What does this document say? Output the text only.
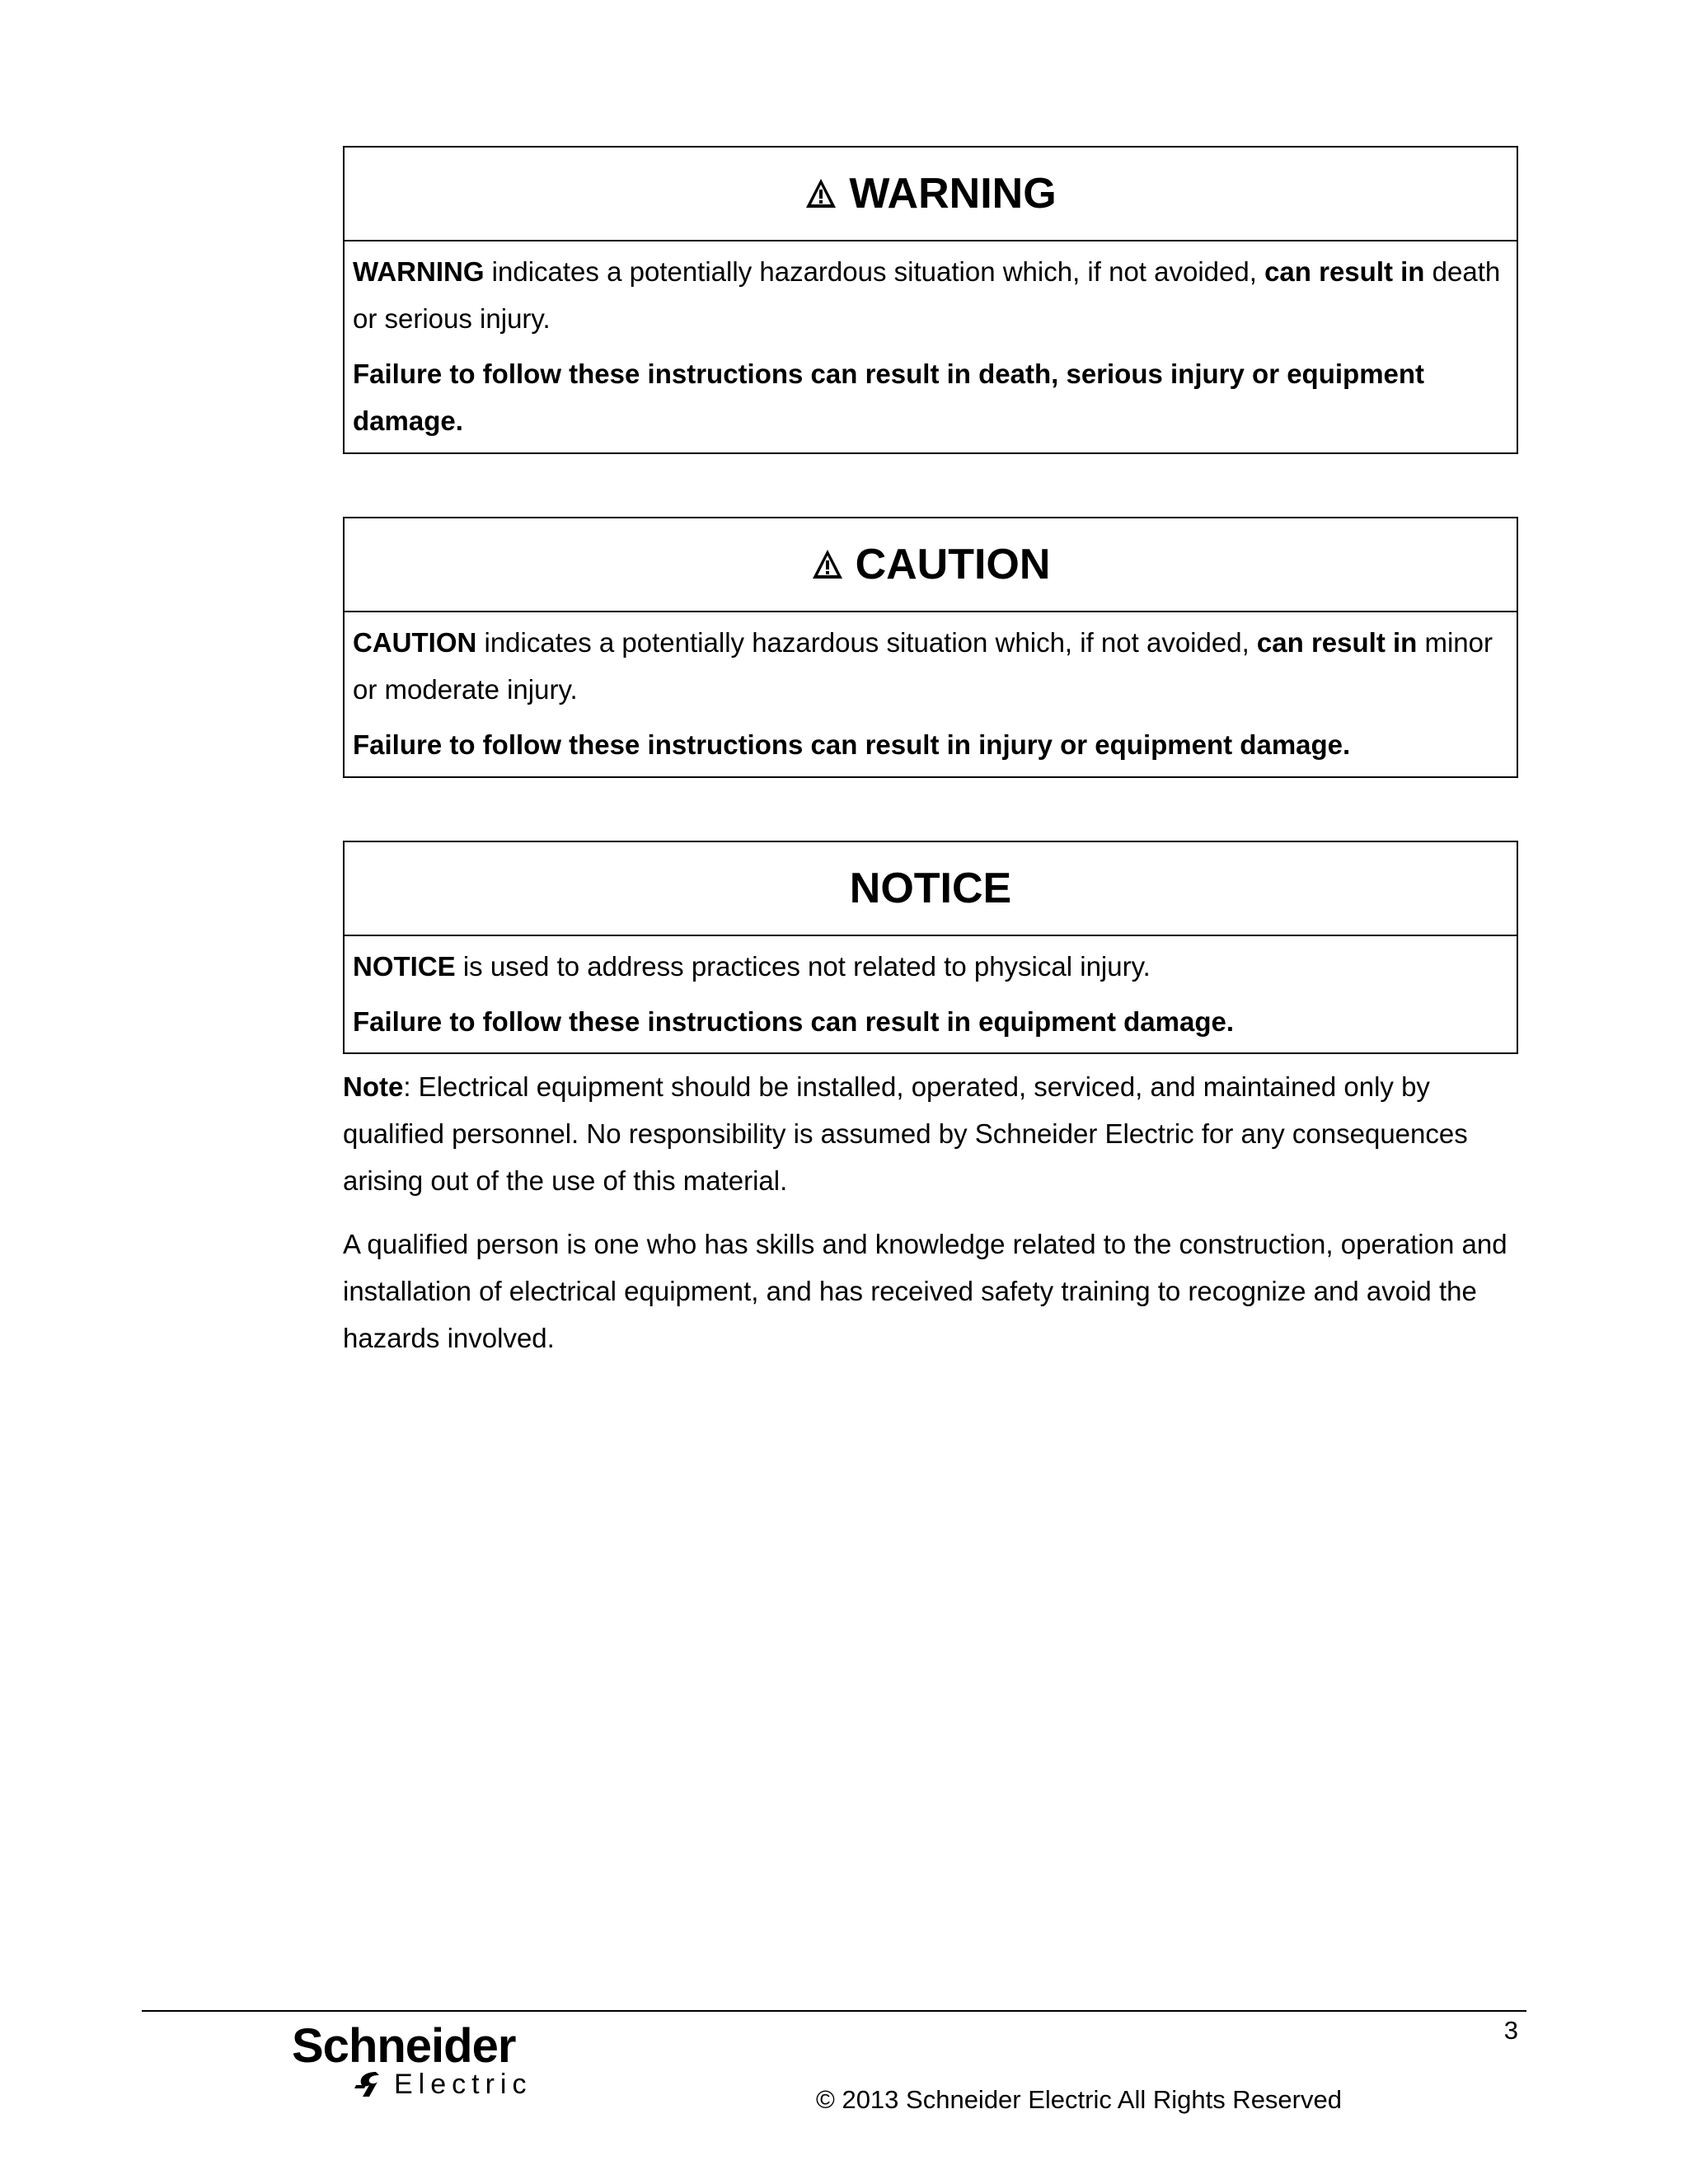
WARNING

WARNING indicates a potentially hazardous situation which, if not avoided, can result in death or serious injury.

Failure to follow these instructions can result in death, serious injury or equipment damage.

CAUTION

CAUTION indicates a potentially hazardous situation which, if not avoided, can result in minor or moderate injury.

Failure to follow these instructions can result in injury or equipment damage.

NOTICE

NOTICE is used to address practices not related to physical injury.

Failure to follow these instructions can result in equipment damage.

Note: Electrical equipment should be installed, operated, serviced, and maintained only by qualified personnel. No responsibility is assumed by Schneider Electric for any consequences arising out of the use of this material.

A qualified person is one who has skills and knowledge related to the construction, operation and installation of electrical equipment, and has received safety training to recognize and avoid the hazards involved.

3
Schneider
Electric	© 2013 Schneider Electric All Rights Reserved
